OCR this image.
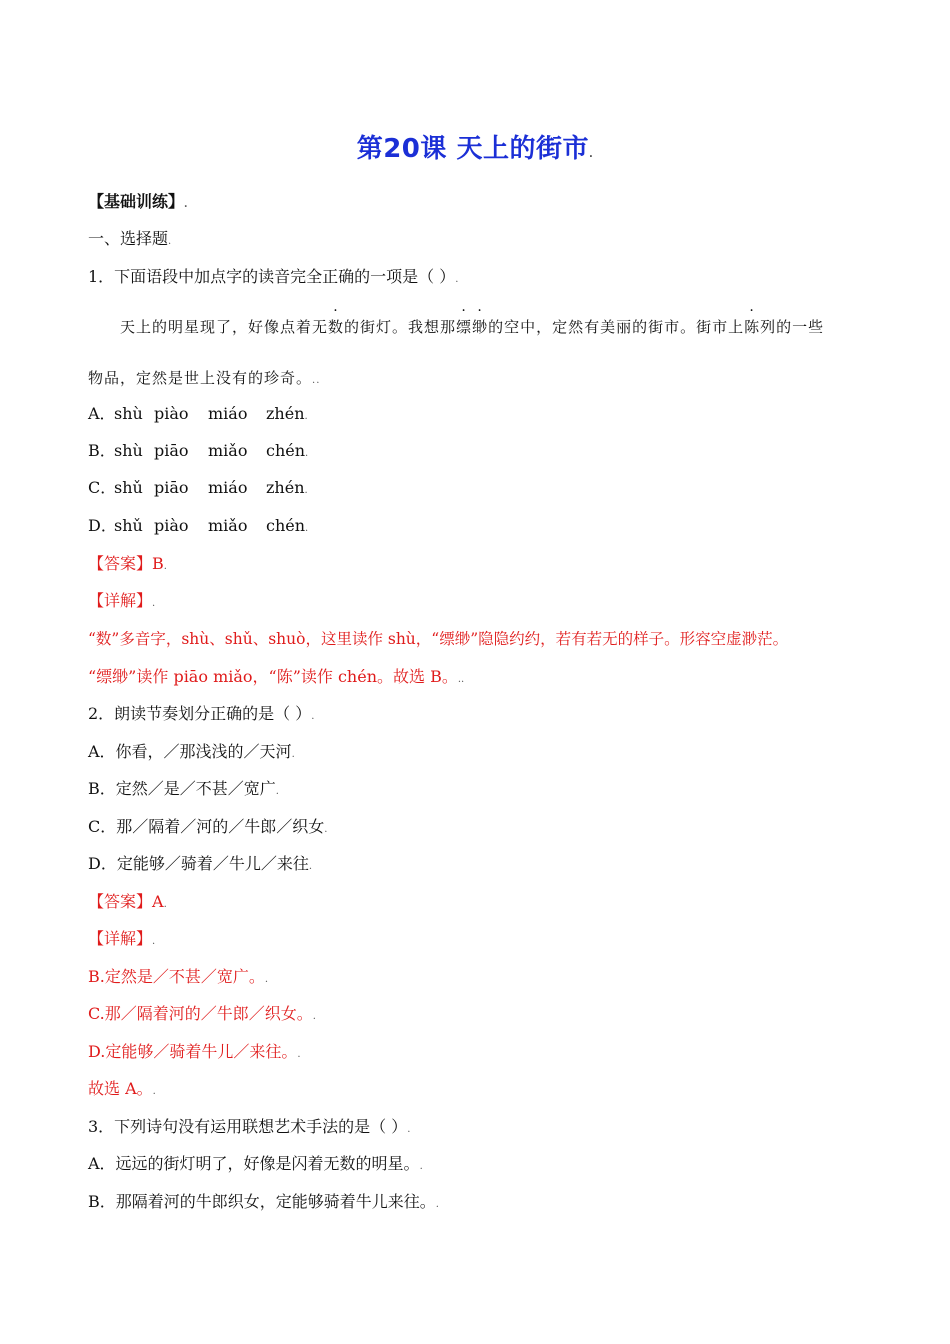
第20课 天上的街市.
【基础训练】.
一、选择题.
1．下面语段中加点字的读音完全正确的一项是（ ）.
天上的明星现了，好像点着无数的街灯。我想那缥缈的空中，定然有美丽的街市。街市上陈列的一些
物品，定然是世上没有的珍奇。..
A．shù piào miáo zhén.
B．shù piāo miǎo chén.
C．shǔ piāo miáo zhén.
D．shǔ piào miǎo chén.
【答案】B.
【详解】.
“数”多音字，shù、shǔ、shuò，这里读作 shù，“缥缈”隐隐约约，若有若无的样子。形容空虚渺茫。
“缥缈”读作 piāo miǎo，“陈”读作 chén。故选 B。..
2．朗读节奏划分正确的是（ ）.
A．你看，／那浅浅的／天河.
B．定然／是／不甚／宽广.
C．那／隔着／河的／牛郎／织女.
D．定能够／骑着／牛儿／来往.
【答案】A.
【详解】.
B.定然是／不甚／宽广。.
C.那／隔着河的／牛郎／织女。.
D.定能够／骑着牛儿／来往。.
故选 A。.
3．下列诗句没有运用联想艺术手法的是（ ）.
A．远远的街灯明了，好像是闪着无数的明星。.
B．那隔着河的牛郎织女，定能够骑着牛儿来往。.
